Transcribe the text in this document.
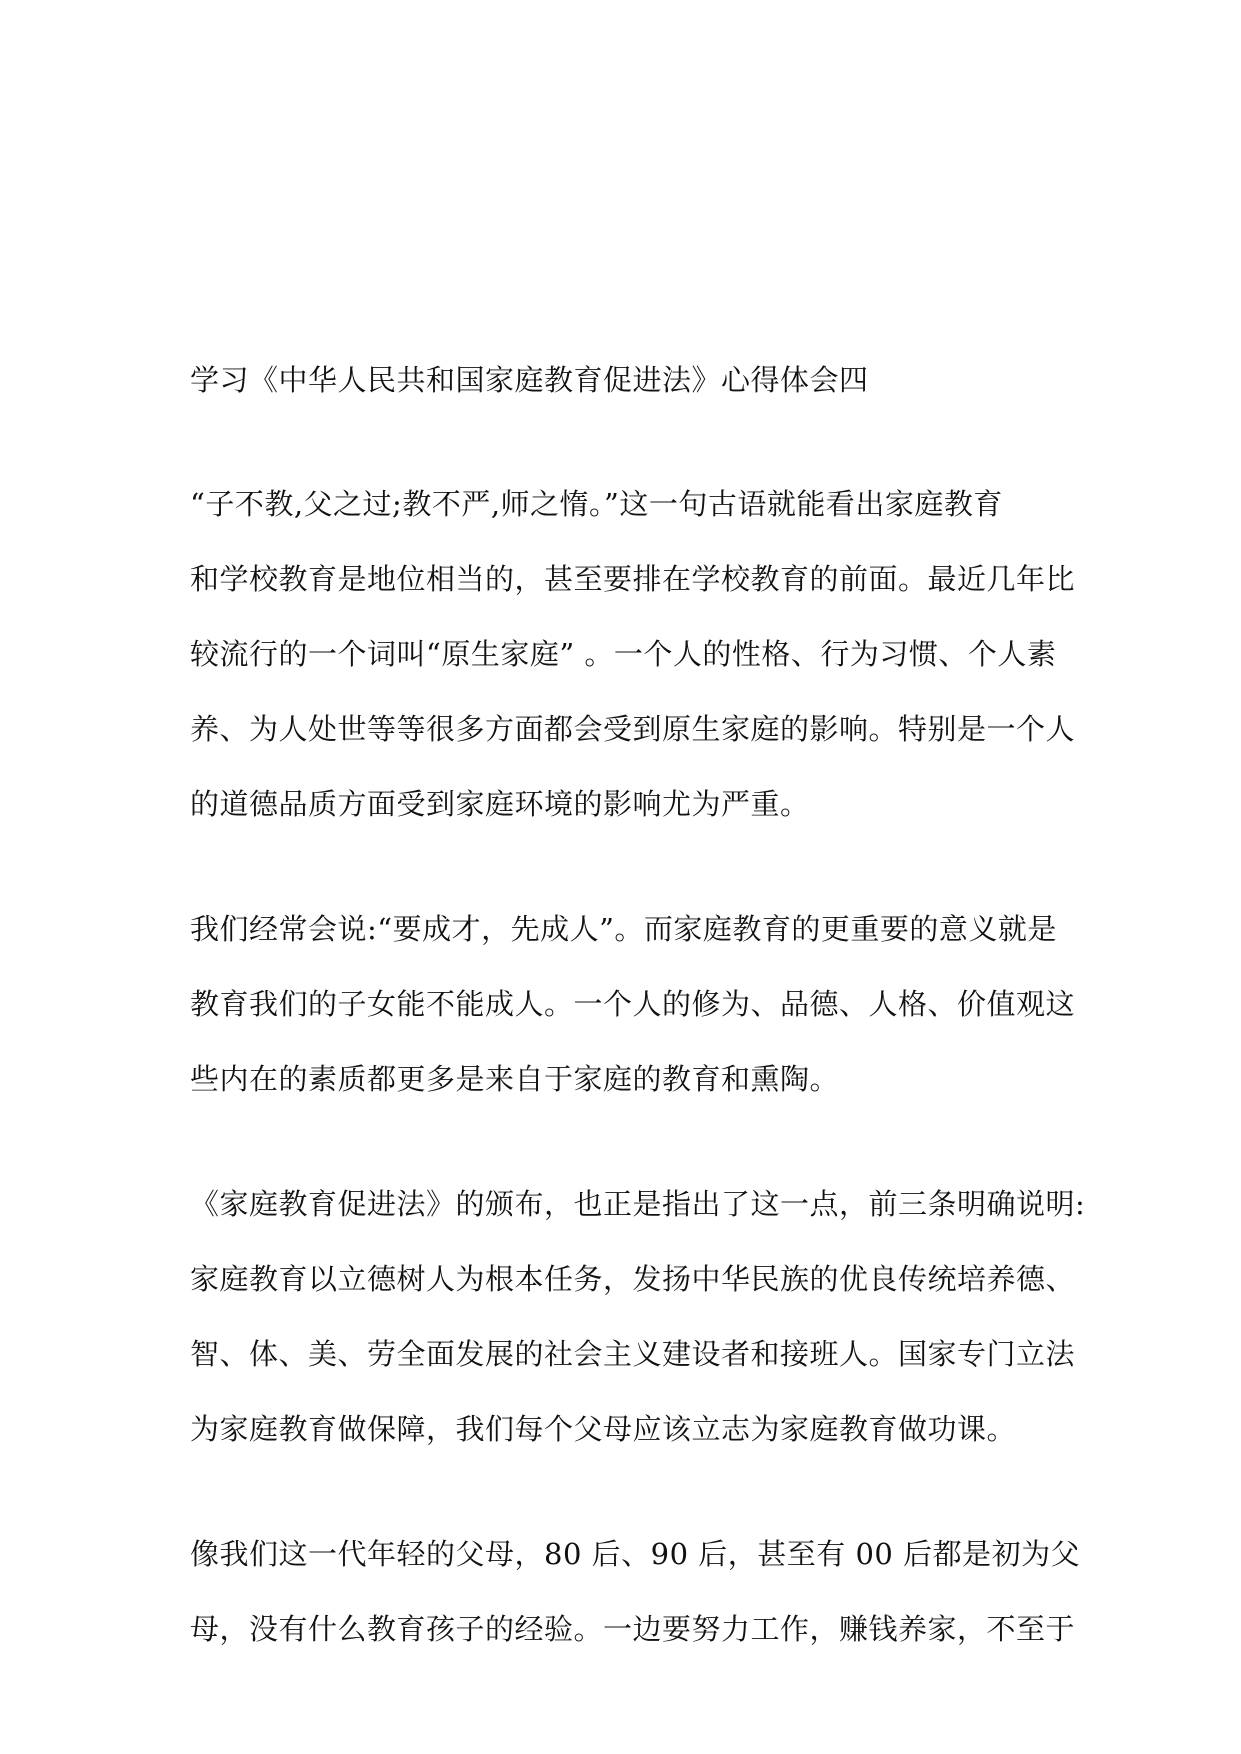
学习《中华人民共和国家庭教育促进法》心得体会四
“子不教,父之过;教不严,师之惰。”这一句古语就能看出家庭教育
和学校教育是地位相当的，甚至要排在学校教育的前面。最近几年比
较流行的一个词叫“原生家庭” 。一个人的性格、行为习惯、个人素
养、为人处世等等很多方面都会受到原生家庭的影响。特别是一个人
的道德品质方面受到家庭环境的影响尤为严重。
我们经常会说:“要成才，先成人”。而家庭教育的更重要的意义就是
教育我们的子女能不能成人。一个人的修为、品德、人格、价值观这
些内在的素质都更多是来自于家庭的教育和熏陶。
《家庭教育促进法》的颁布，也正是指出了这一点，前三条明确说明:
家庭教育以立德树人为根本任务，发扬中华民族的优良传统培养德、
智、体、美、劳全面发展的社会主义建设者和接班人。国家专门立法
为家庭教育做保障，我们每个父母应该立志为家庭教育做功课。
像我们这一代年轻的父母，80 后、90 后，甚至有 00 后都是初为父
母，没有什么教育孩子的经验。一边要努力工作，赚钱养家，不至于
